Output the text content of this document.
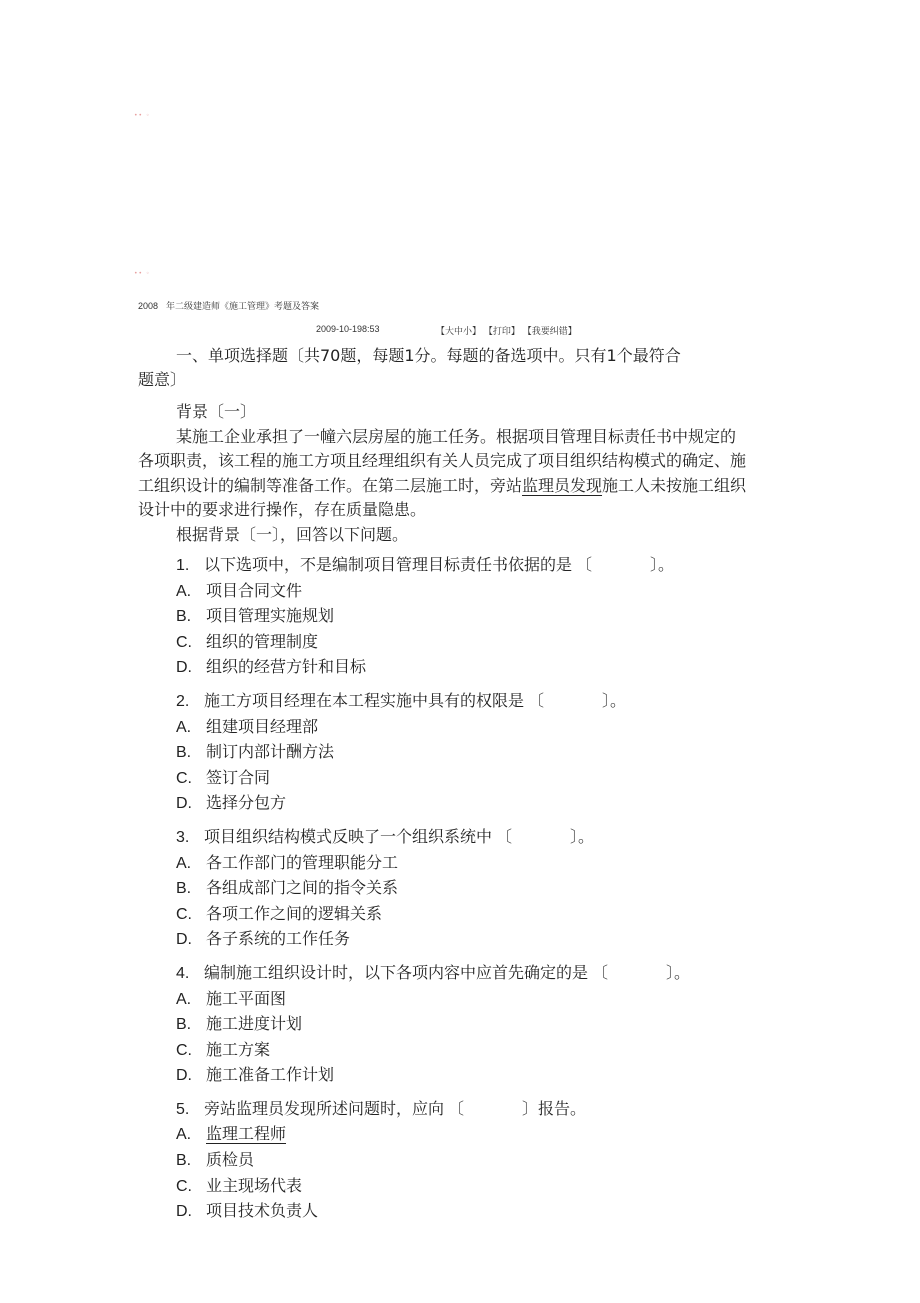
•• ◦
•• ◦
2008 年二级建造师《施工管理》考题及答案
2009-10-198:53	【大中小】 【打印】 【我要纠错】
一、单项选择题〔共70题，每题1分。每题的备选项中。只有1个最符合
题意〕

背景〔一〕

某施工企业承担了一幢六层房屋的施工任务。根据项目管理目标责任书中规定的各项职责，该工程的施工方项且经理组织有关人员完成了项目组织结构模式的确定、施工组织设计的编制等准备工作。在第二层施工时，旁站监理员发现施工人未按施工组织设计中的要求进行操作，存在质量隐患。

根据背景〔一〕，回答以下问题。

1. 以下选项中，不是编制项目管理目标责任书依据的是 〔	〕。
A. 项目合同文件
B. 项目管理实施规划
C. 组织的管理制度
D. 组织的经营方针和目标
2. 施工方项目经理在本工程实施中具有的权限是 〔	〕。
A. 组建项目经理部
B. 制订内部计酬方法
C. 签订合同
D. 选择分包方
3. 项目组织结构模式反映了一个组织系统中 〔	〕。
A. 各工作部门的管理职能分工
B. 各组成部门之间的指令关系
C. 各项工作之间的逻辑关系
D. 各子系统的工作任务
4. 编制施工组织设计时，以下各项内容中应首先确定的是 〔	〕。
A. 施工平面图
B. 施工进度计划
C. 施工方案
D. 施工准备工作计划
5. 旁站监理员发现所述问题时，应向 〔	〕报告。
A. 监理工程师
B. 质检员
C. 业主现场代表
D. 项目技术负责人
